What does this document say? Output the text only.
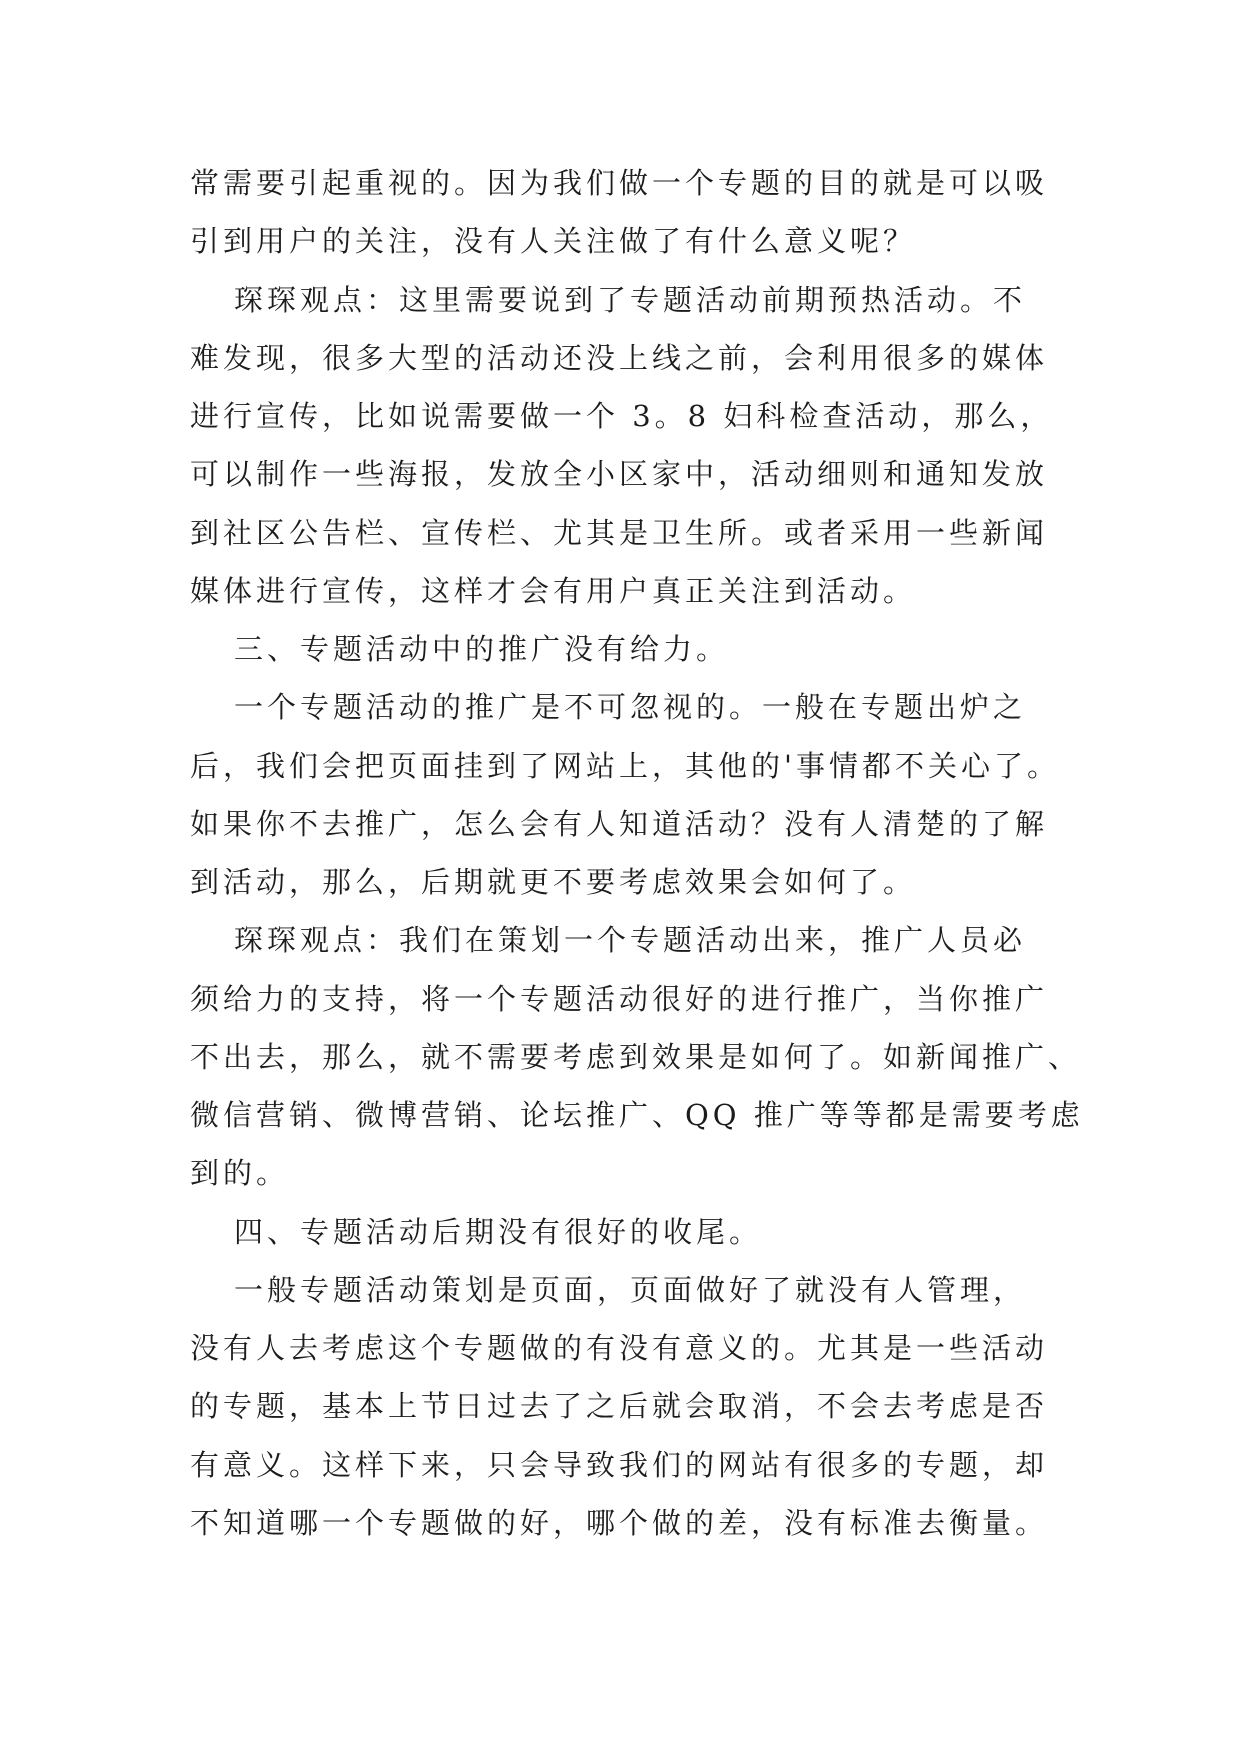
常需要引起重视的。因为我们做一个专题的目的就是可以吸
引到用户的关注，没有人关注做了有什么意义呢？
琛琛观点：这里需要说到了专题活动前期预热活动。不
难发现，很多大型的活动还没上线之前，会利用很多的媒体
进行宣传，比如说需要做一个 3。8 妇科检查活动，那么，
可以制作一些海报，发放全小区家中，活动细则和通知发放
到社区公告栏、宣传栏、尤其是卫生所。或者采用一些新闻
媒体进行宣传，这样才会有用户真正关注到活动。
三、专题活动中的推广没有给力。
一个专题活动的推广是不可忽视的。一般在专题出炉之
后，我们会把页面挂到了网站上，其他的'事情都不关心了。
如果你不去推广，怎么会有人知道活动？没有人清楚的了解
到活动，那么，后期就更不要考虑效果会如何了。
琛琛观点：我们在策划一个专题活动出来，推广人员必
须给力的支持，将一个专题活动很好的进行推广，当你推广
不出去，那么，就不需要考虑到效果是如何了。如新闻推广、
微信营销、微博营销、论坛推广、QQ 推广等等都是需要考虑
到的。
四、专题活动后期没有很好的收尾。
一般专题活动策划是页面，页面做好了就没有人管理，
没有人去考虑这个专题做的有没有意义的。尤其是一些活动
的专题，基本上节日过去了之后就会取消，不会去考虑是否
有意义。这样下来，只会导致我们的网站有很多的专题，却
不知道哪一个专题做的好，哪个做的差，没有标准去衡量。
